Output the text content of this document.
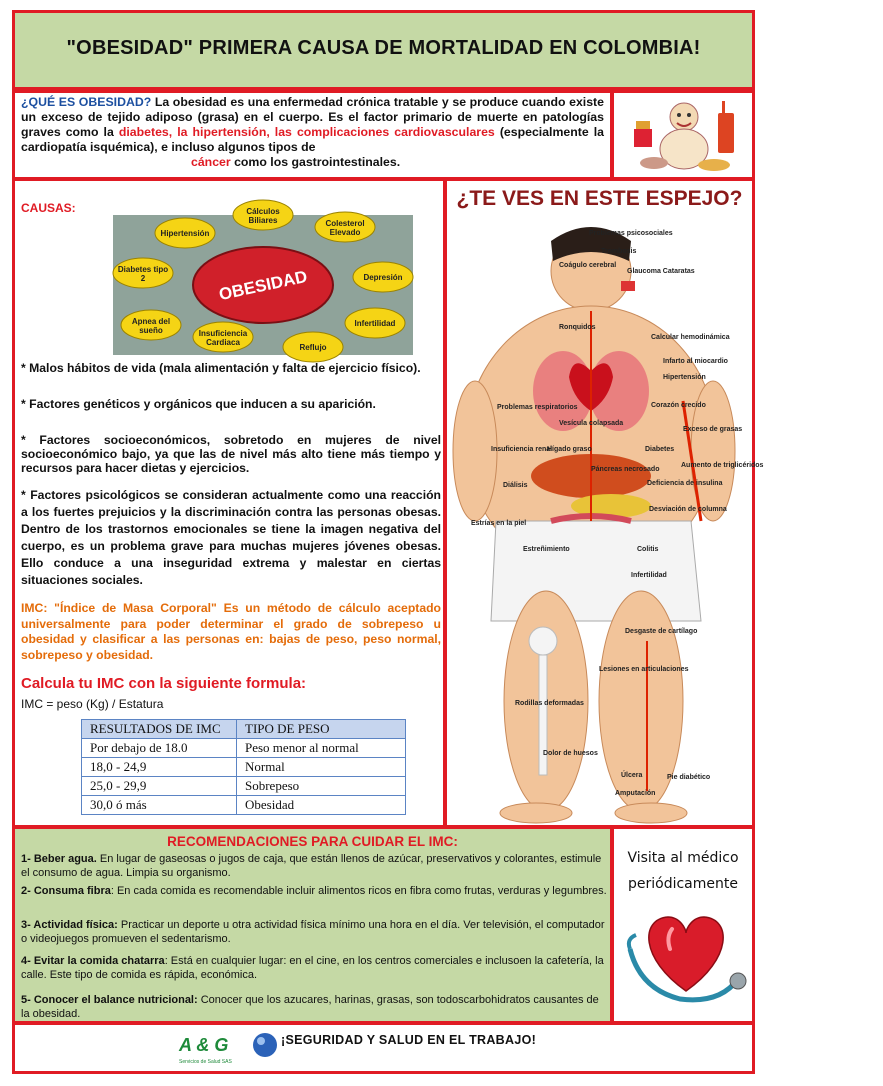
"OBESIDAD" PRIMERA CAUSA DE MORTALIDAD EN COLOMBIA!
¿QUÉ ES OBESIDAD? La obesidad es una enfermedad crónica tratable y se produce cuando existe un exceso de tejido adiposo (grasa) en el cuerpo. Es el factor primario de muerte en patologías graves como la diabetes, la hipertensión, las complicaciones cardiovasculares (especialmente la cardiopatía isquémica), e incluso algunos tipos de
cáncer como los gastrointestinales.
CAUSAS:
OBESIDAD
Cálculos
Biliares	Colesterol
Elevado
Depresión
Infertilidad
Reflujo
Insuficiencia
Cardiaca
Apnea del
sueño
Diabetes tipo
2
Hipertensión

* Malos hábitos de vida (mala alimentación y falta de ejercicio físico).

* Factores genéticos y orgánicos que inducen a su aparición.

* Factores socioeconómicos, sobretodo en mujeres de nivel socioeconómico bajo, ya que las de nivel más alto tiene más tiempo y recursos para hacer dietas y ejercicios.

* Factores psicológicos se consideran actualmente como una reacción a los fuertes prejuicios y la discriminación contra las personas obesas. Dentro de los trastornos emocionales se tiene la imagen negativa del cuerpo, es un problema grave para muchas mujeres jóvenes obesas. Ello conduce a una inseguridad extrema y malestar en ciertas situaciones sociales.

IMC: "Índice de Masa Corporal" Es un método de cálculo aceptado universalmente para poder determinar el grado de sobrepeso u obesidad y clasificar a las personas en: bajas de peso, peso normal, sobrepeso y obesidad.
Calcula tu IMC con la siguiente formula:
IMC = peso (Kg) / Estatura
RESULTADOS DE IMC	TIPO DE PESO
Por debajo de 18.0	Peso menor al normal
18,0 - 24,9	Normal
25,0 - 29,9	Sobrepeso
30,0 ó más	Obesidad
¿TE VES EN ESTE ESPEJO?
Problemas psicosociales
Trombosis
Glaucoma Cataratas
Coágulo cerebral
Ronquidos
Calcular hemodinámica
Infarto al miocardio
Hipertensión
Problemas respiratorios	Corazón crecido
Vesícula colapsada
Exceso de grasas
Insuficiencia renal
Hígado graso	Diabetes
Aumento de triglicéridos
Páncreas necrosado
Deficiencia de insulina
Diálisis
Estrías en la piel
Desviación de columna
Estreñimiento	Colitis
Infertilidad
Desgaste de cartílago
Lesiones en articulaciones
Rodillas deformadas
Dolor de huesos
Úlcera	Pie diabético
Amputación
RECOMENDACIONES PARA CUIDAR EL IMC:
1- Beber agua. En lugar de gaseosas o jugos de caja, que están llenos de azúcar, preservativos y colorantes, estimule el consumo de agua. Limpia su organismo.
2- Consuma fibra: En cada comida es recomendable incluir alimentos ricos en fibra como frutas, verduras y legumbres.
3- Actividad física: Practicar un deporte u otra actividad física mínimo una hora en el día. Ver televisión, el computador o videojuegos promueven el sedentarismo.
4- Evitar la comida chatarra: Está en cualquier lugar: en el cine, en los centros comerciales e inclusoen la cafetería, la calle. Este tipo de comida es rápida, económica.
5- Conocer el balance nutricional: Conocer que los azucares, harinas, grasas, son todoscarbohidratos causantes de la obesidad.
Visita al médico
periódicamente
A & G
Servicios de Salud SAS
¡SEGURIDAD Y SALUD EN EL TRABAJO!
